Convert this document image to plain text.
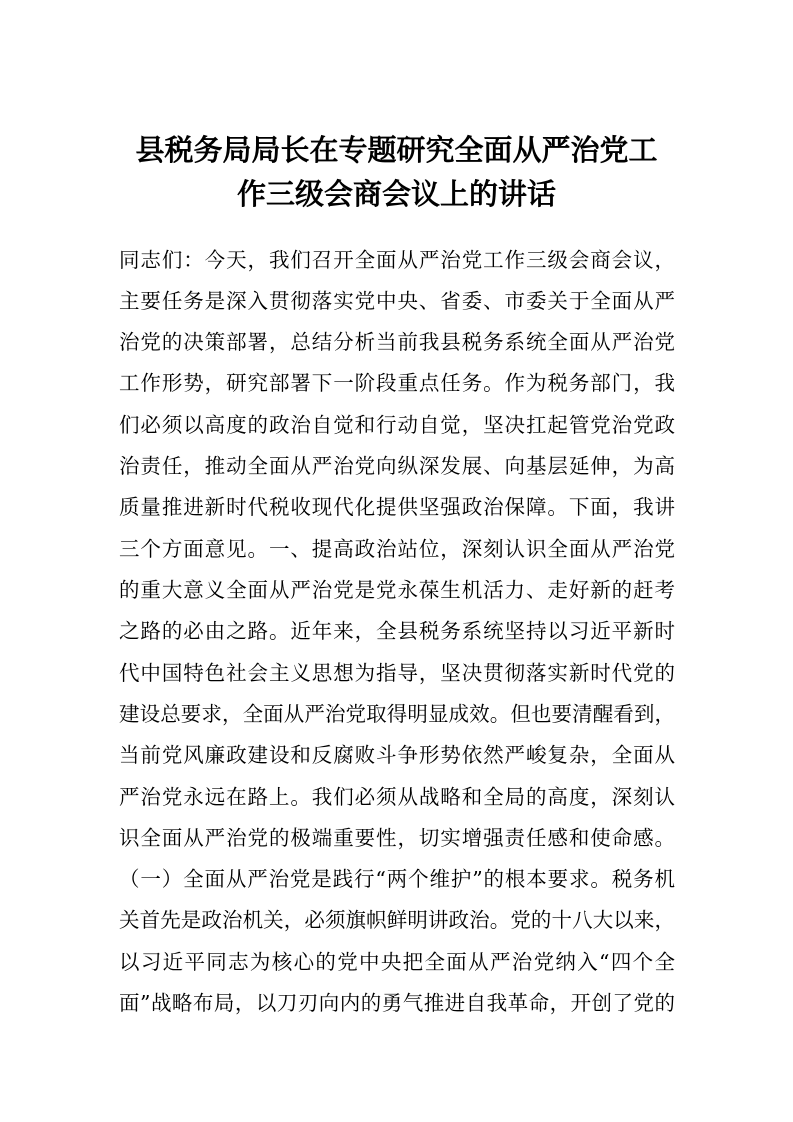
县税务局局长在专题研究全面从严治党工
作三级会商会议上的讲话

同志们：今天，我们召开全面从严治党工作三级会商会议，

主要任务是深入贯彻落实党中央、省委、市委关于全面从严

治党的决策部署，总结分析当前我县税务系统全面从严治党

工作形势，研究部署下一阶段重点任务。作为税务部门，我

们必须以高度的政治自觉和行动自觉，坚决扛起管党治党政

治责任，推动全面从严治党向纵深发展、向基层延伸，为高

质量推进新时代税收现代化提供坚强政治保障。下面，我讲

三个方面意见。一、提高政治站位，深刻认识全面从严治党

的重大意义全面从严治党是党永葆生机活力、走好新的赶考

之路的必由之路。近年来，全县税务系统坚持以习近平新时

代中国特色社会主义思想为指导，坚决贯彻落实新时代党的

建设总要求，全面从严治党取得明显成效。但也要清醒看到，

当前党风廉政建设和反腐败斗争形势依然严峻复杂，全面从

严治党永远在路上。我们必须从战略和全局的高度，深刻认

识全面从严治党的极端重要性，切实增强责任感和使命感。

（一）全面从严治党是践行“两个维护”的根本要求。税务机

关首先是政治机关，必须旗帜鲜明讲政治。党的十八大以来，

以习近平同志为核心的党中央把全面从严治党纳入“四个全

面”战略布局，以刀刃向内的勇气推进自我革命，开创了党的
